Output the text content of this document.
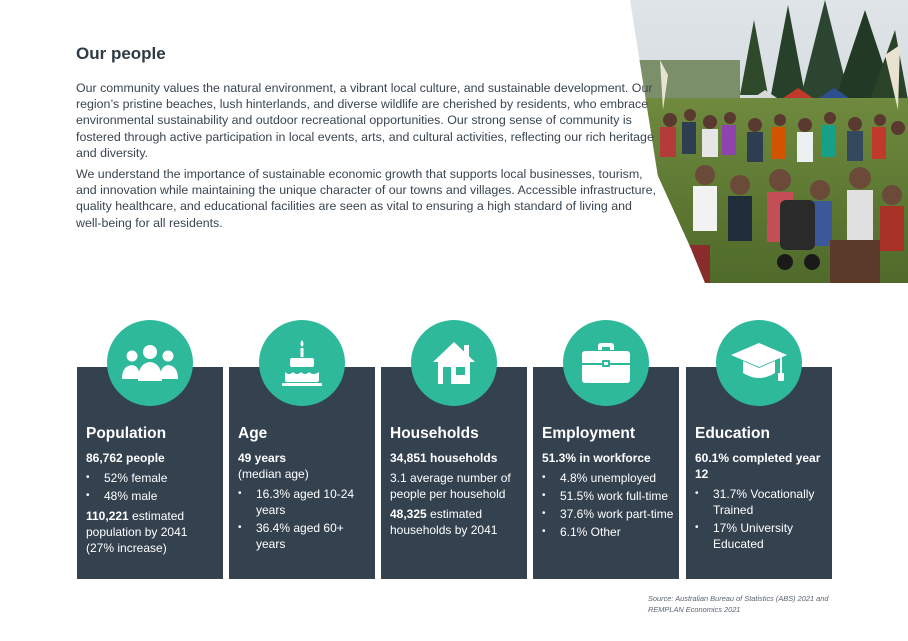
Our people

Our community values the natural environment, a vibrant local culture, and sustainable development. Our region’s pristine beaches, lush hinterlands, and diverse wildlife are cherished by residents, who embrace environmental sustainability and outdoor recreational opportunities. Our strong sense of community is fostered through active participation in local events, arts, and cultural activities, reflecting our rich heritage and diversity.

We understand the importance of sustainable economic growth that supports local businesses, tourism, and innovation while maintaining the unique character of our towns and villages. Accessible infrastructure, quality healthcare, and educational facilities are seen as vital to ensuring a high standard of living and well-being for all residents.

Population
86,762 people
• 52% female
• 48% male
110,221 estimated population by 2041 (27% increase)
Age
49 years
(median age)
• 16.3% aged 10-24 years
• 36.4% aged 60+ years
Households
34,851 households
3.1 average number of people per household
48,325 estimated households by 2041
Employment
51.3% in workforce
• 4.8% unemployed
• 51.5% work full-time
• 37.6% work part-time
• 6.1% Other
Education
60.1% completed year 12
• 31.7% Vocationally Trained
• 17% University Educated
Source: Australian Bureau of Statistics (ABS) 2021 and REMPLAN Economics 2021
